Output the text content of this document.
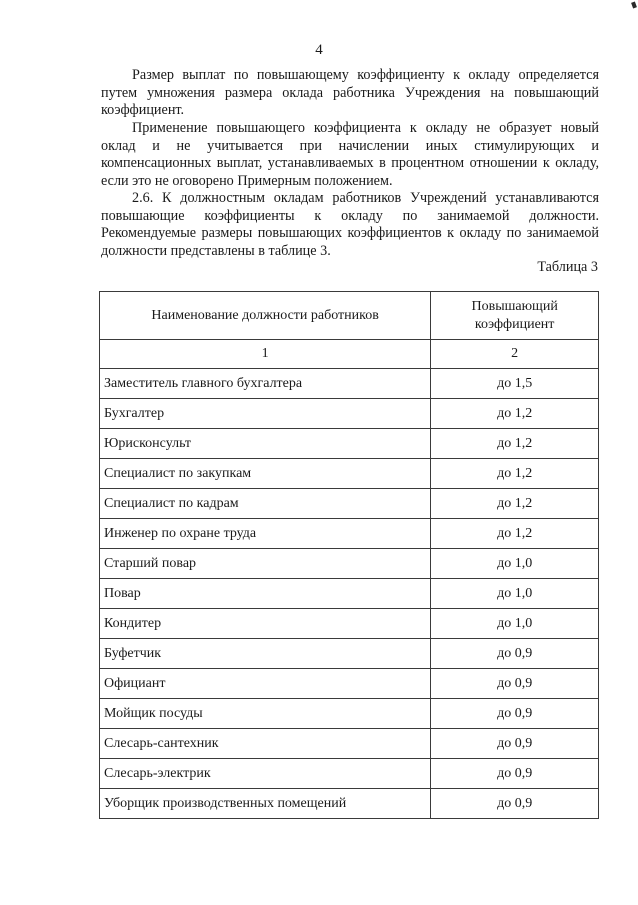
4

Размер выплат по повышающему коэффициенту к окладу определяется путем умножения размера оклада работника Учреждения на повышающий коэффициент.

Применение повышающего коэффициента к окладу не образует новый оклад и не учитывается при начислении иных стимулирующих и компенсационных выплат, устанавливаемых в процентном отношении к окладу, если это не оговорено Примерным положением.

2.6. К должностным окладам работников Учреждений устанавливаются повышающие коэффициенты к окладу по занимаемой должности. Рекомендуемые размеры повышающих коэффициентов к окладу по занимаемой должности представлены в таблице 3.

Таблица 3
Наименование должности работников	Повышающий коэффициент
1	2
Заместитель главного бухгалтера	до 1,5
Бухгалтер	до 1,2
Юрисконсульт	до 1,2
Специалист по закупкам	до 1,2
Специалист по кадрам	до 1,2
Инженер по охране труда	до 1,2
Старший повар	до 1,0
Повар	до 1,0
Кондитер	до 1,0
Буфетчик	до 0,9
Официант	до 0,9
Мойщик посуды	до 0,9
Слесарь-сантехник	до 0,9
Слесарь-электрик	до 0,9
Уборщик производственных помещений	до 0,9
